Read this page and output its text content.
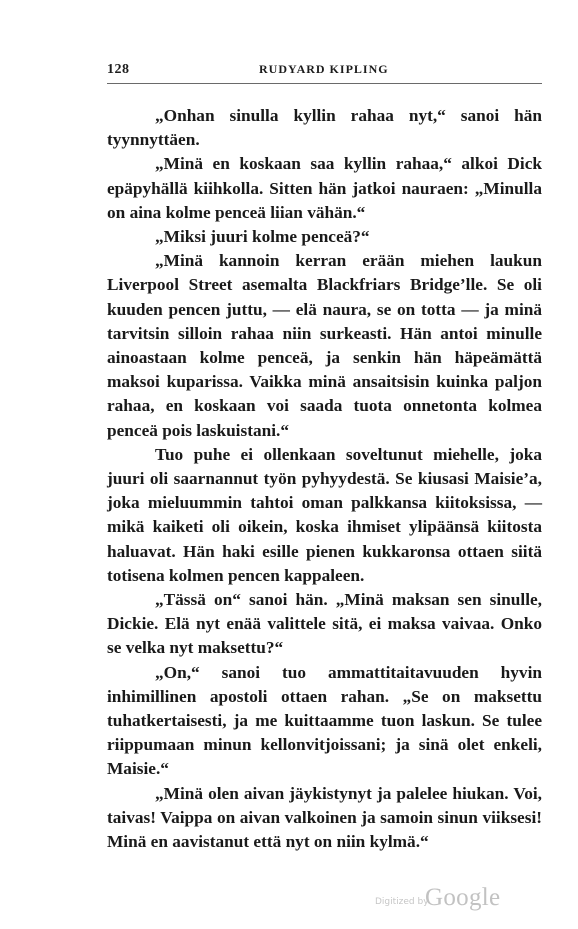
128	RUDYARD KIPLING

„Onhan sinulla kyllin rahaa nyt,“ sanoi hän tyynnyttäen.

„Minä en koskaan saa kyllin rahaa,“ alkoi Dick epäpyhällä kiihkolla. Sitten hän jatkoi nauraen: „Minulla on aina kolme penceä liian vähän.“

„Miksi juuri kolme penceä?“

„Minä kannoin kerran erään miehen laukun Liverpool Street asemalta Blackfriars Bridge’lle. Se oli kuuden pencen juttu, — elä naura, se on totta — ja minä tarvitsin silloin rahaa niin surkeasti. Hän antoi minulle ainoastaan kolme penceä, ja senkin hän häpeämättä maksoi kuparissa. Vaikka minä ansaitsisin kuinka paljon rahaa, en koskaan voi saada tuota onnetonta kolmea penceä pois laskuistani.“

Tuo puhe ei ollenkaan soveltunut miehelle, joka juuri oli saarnannut työn pyhyydestä. Se kiusasi Maisie’a, joka mieluummin tahtoi oman palkkansa kiitoksissa, — mikä kaiketi oli oikein, koska ihmiset ylipäänsä kiitosta haluavat. Hän haki esille pienen kukkaronsa ottaen siitä totisena kolmen pencen kappaleen.

„Tässä on“ sanoi hän. „Minä maksan sen sinulle, Dickie. Elä nyt enää valittele sitä, ei maksa vaivaa. Onko se velka nyt maksettu?“

„On,“ sanoi tuo ammattitaitavuuden hyvin inhimillinen apostoli ottaen rahan. „Se on maksettu tuhatkertaisesti, ja me kuittaamme tuon laskun. Se tulee riippumaan minun kellonvitjoissani; ja sinä olet enkeli, Maisie.“

„Minä olen aivan jäykistynyt ja palelee hiukan. Voi, taivas! Vaippa on aivan valkoinen ja samoin sinun viiksesi! Minä en aavistanut että nyt on niin kylmä.“

Digitized by
Google
